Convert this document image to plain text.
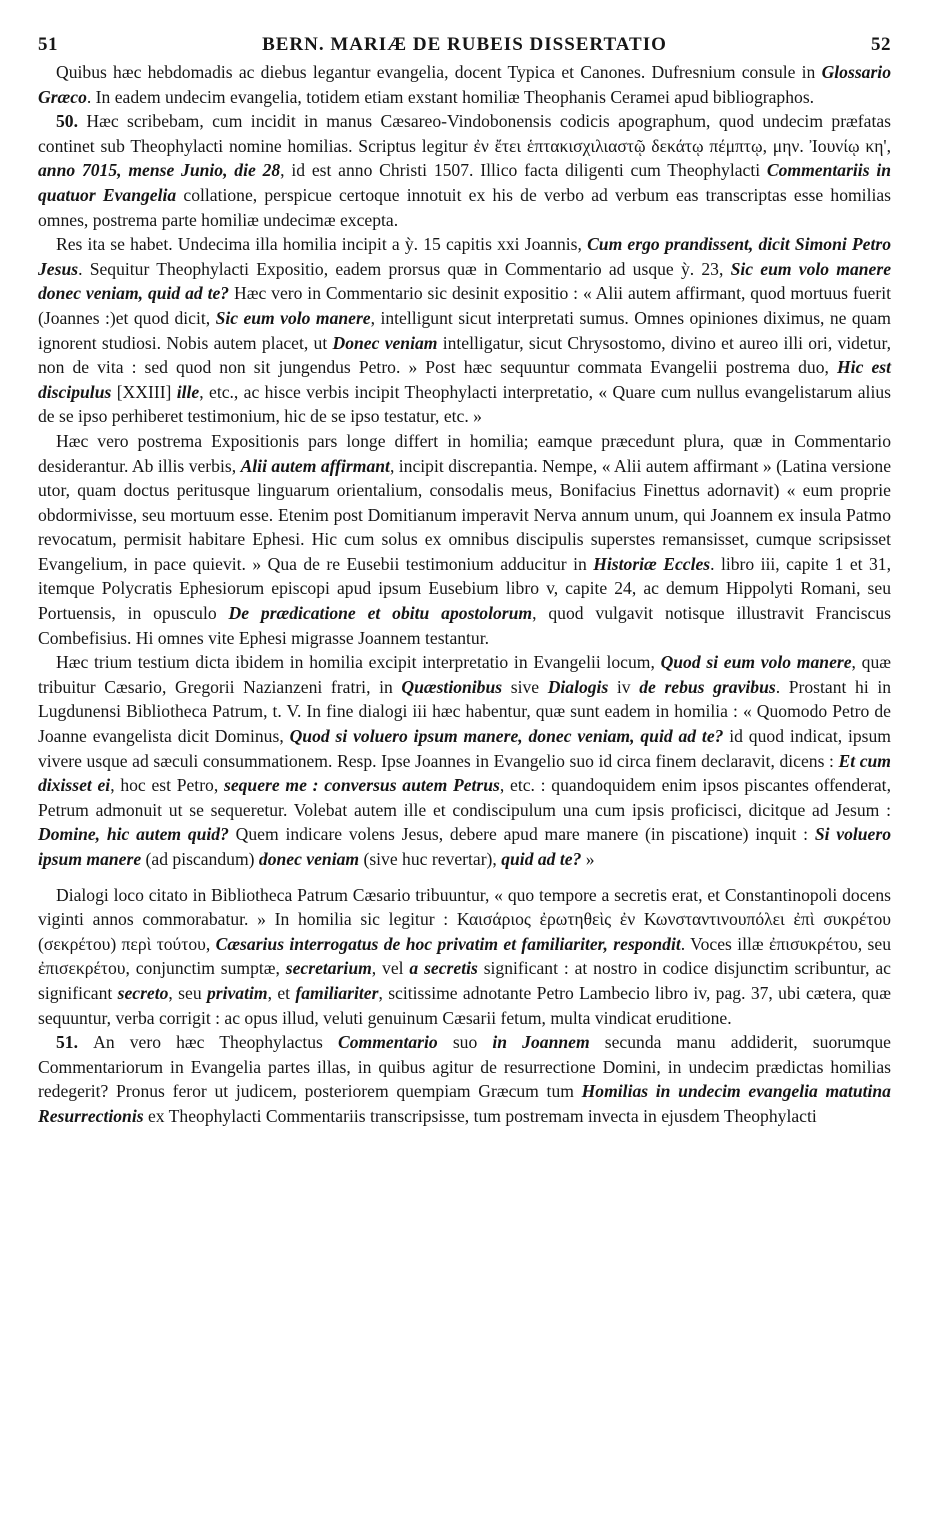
51	BERN. MARIÆ DE RUBEIS DISSERTATIO	52

Quibus hæc hebdomadis ac diebus legantur evangelia, docent Typica et Canones. Dufresnium consule in Glossario Græco. In eadem undecim evangelia, totidem etiam exstant homiliæ Theophanis Ceramei apud bibliographos.

50. Hæc scribebam, cum incidit in manus Cæsareo-Vindobonensis codicis apographum, quod undecim præfatas continet sub Theophylacti nomine homilias. Scriptus legitur ἐν ἔτει ἑπτακισχιλιαστῷ δεκάτῳ πέμπτῳ, μην. Ἰουνίῳ κη', anno 7015, mense Junio, die 28, id est anno Christi 1507. Illico facta diligenti cum Theophylacti Commentariis in quatuor Evangelia collatione, perspicue certoque innotuit ex his de verbo ad verbum eas transcriptas esse homilias omnes, postrema parte homiliæ undecimæ excepta.

Res ita se habet. Undecima illa homilia incipit a ỳ. 15 capitis xxi Joannis, Cum ergo prandissent, dicit Simoni Petro Jesus. Sequitur Theophylacti Expositio, eadem prorsus quæ in Commentario ad usque ỳ. 23, Sic eum volo manere donec veniam, quid ad te? Hæc vero in Commentario sic desinit expositio : « Alii autem affirmant, quod mortuus fuerit (Joannes :)et quod dicit, Sic eum volo manere, intelligunt sicut interpretati sumus. Omnes opiniones diximus, ne quam ignorent studiosi. Nobis autem placet, ut Donec veniam intelligatur, sicut Chrysostomo, divino et aureo illi ori, videtur, non de vita : sed quod non sit jungendus Petro. » Post hæc sequuntur commata Evangelii postrema duo, Hic est discipulus [XXIII] ille, etc., ac hisce verbis incipit Theophylacti interpretatio, « Quare cum nullus evangelistarum alius de se ipso perhiberet testimonium, hic de se ipso testatur, etc. »

Hæc vero postrema Expositionis pars longe differt in homilia; eamque præcedunt plura, quæ in Commentario desiderantur. Ab illis verbis, Alii autem affirmant, incipit discrepantia. Nempe, « Alii autem affirmant » (Latina versione utor, quam doctus peritusque linguarum orientalium, consodalis meus, Bonifacius Finettus adornavit) « eum proprie obdormivisse, seu mortuum esse. Etenim post Domitianum imperavit Nerva annum unum, qui Joannem ex insula Patmo revocatum, permisit habitare Ephesi. Hic cum solus ex omnibus discipulis superstes remansisset, cumque scripsisset Evangelium, in pace quievit. » Qua de re Eusebii testimonium adducitur in Historiæ Eccles. libro iii, capite 1 et 31, itemque Polycratis Ephesiorum episcopi apud ipsum Eusebium libro v, capite 24, ac demum Hippolyti Romani, seu Portuensis, in opusculo De prædicatione et obitu apostolorum, quod vulgavit notisque illustravit Franciscus Combefisius. Hi omnes vite Ephesi migrasse Joannem testantur.

Hæc trium testium dicta ibidem in homilia excipit interpretatio in Evangelii locum, Quod si eum volo manere, quæ tribuitur Cæsario, Gregorii Nazianzeni fratri, in Quæstionibus sive Dialogis iv de rebus gravibus. Prostant hi in Lugdunensi Bibliotheca Patrum, t. V. In fine dialogi iii hæc habentur, quæ sunt eadem in homilia : « Quomodo Petro de Joanne evangelista dicit Dominus, Quod si voluero ipsum manere, donec veniam, quid ad te? id quod indicat, ipsum vivere usque ad sæculi consummationem. Resp. Ipse Joannes in Evangelio suo id circa finem declaravit, dicens : Et cum dixisset ei, hoc est Petro, sequere me : conversus autem Petrus, etc. : quandoquidem enim ipsos piscantes offenderat, Petrum admonuit ut se sequeretur. Volebat autem ille et condiscipulum una cum ipsis proficisci, dicitque ad Jesum : Domine, hic autem quid? Quem indicare volens Jesus, debere apud mare manere (in piscatione) inquit : Si voluero ipsum manere (ad piscandum) donec veniam (sive huc revertar), quid ad te? »

Dialogi loco citato in Bibliotheca Patrum Cæsario tribuuntur, « quo tempore a secretis erat, et Constantinopoli docens viginti annos commorabatur. » In homilia sic legitur : Καισάριος ἐρωτηθεὶς ἐν Κωνσταντινουπόλει ἐπὶ συκρέτου (σεκρέτου) περὶ τούτου, Cæsarius interrogatus de hoc privatim et familiariter, respondit. Voces illæ ἐπισυκρέτου, seu ἐπισεκρέτου, conjunctim sumptæ, secretarium, vel a secretis significant : at nostro in codice disjunctim scribuntur, ac significant secreto, seu privatim, et familiariter, scitissime adnotante Petro Lambecio libro iv, pag. 37, ubi cætera, quæ sequuntur, verba corrigit : ac opus illud, veluti genuinum Cæsarii fetum, multa vindicat eruditione.

51. An vero hæc Theophylactus Commentario suo in Joannem secunda manu addiderit, suorumque Commentariorum in Evangelia partes illas, in quibus agitur de resurrectione Domini, in undecim prædictas homilias redegerit? Pronus feror ut judicem, posteriorem quempiam Græcum tum Homilias in undecim evangelia matutina Resurrectionis ex Theophylacti Commentariis transcripsisse, tum postremam invecta in ejusdem Theophylacti
